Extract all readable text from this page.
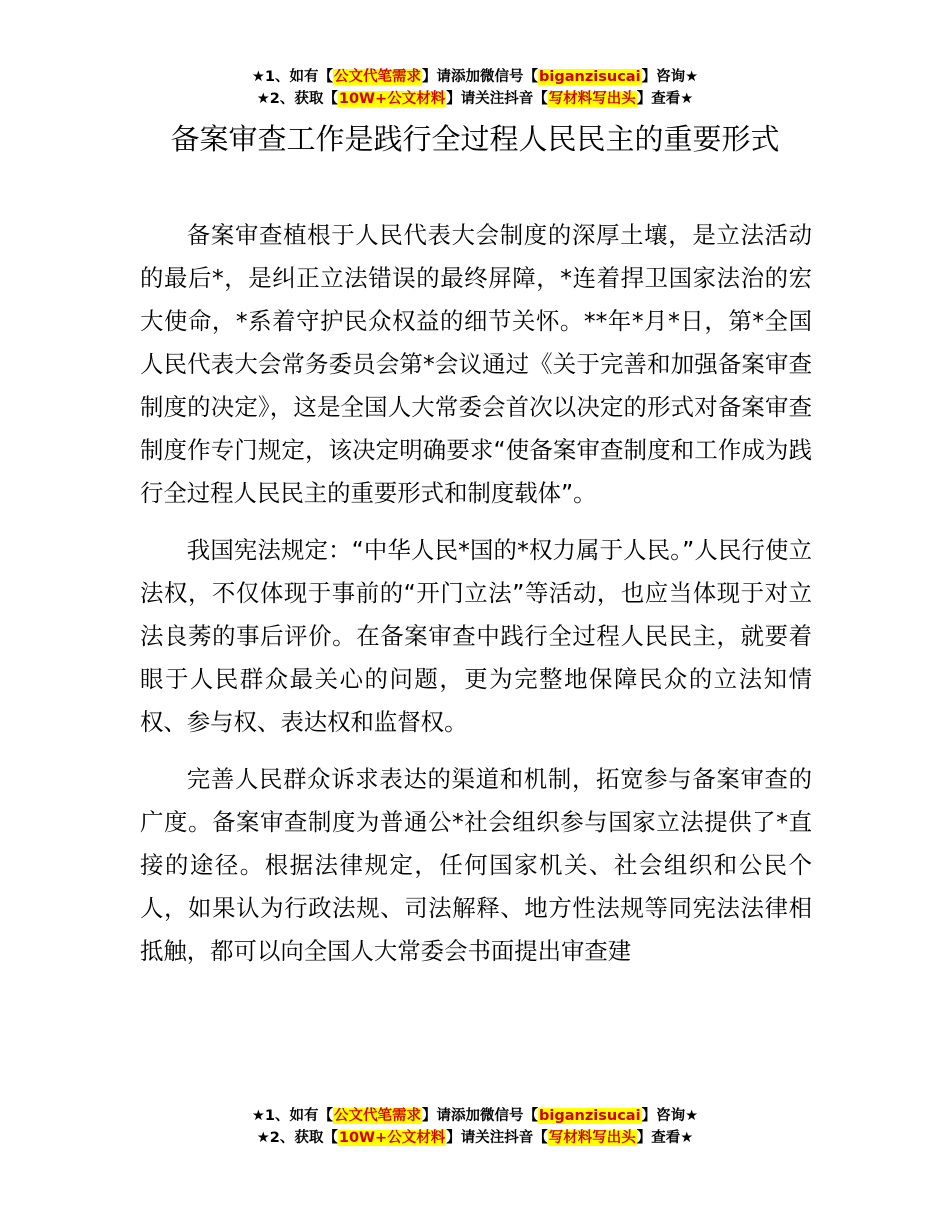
★1、如有【公文代笔需求】请添加微信号【biganzisucai】咨询★
★2、获取【10W+公文材料】请关注抖音【写材料写出头】查看★
备案审查工作是践行全过程人民民主的重要形式

备案审查植根于人民代表大会制度的深厚土壤，是立法活动的最后*，是纠正立法错误的最终屏障，*连着捍卫国家法治的宏大使命，*系着守护民众权益的细节关怀。**年*月*日，第*全国人民代表大会常务委员会第*会议通过《关于完善和加强备案审查制度的决定》，这是全国人大常委会首次以决定的形式对备案审查制度作专门规定，该决定明确要求“使备案审查制度和工作成为践行全过程人民民主的重要形式和制度载体”。

我国宪法规定：“中华人民*国的*权力属于人民。”人民行使立法权，不仅体现于事前的“开门立法”等活动，也应当体现于对立法良莠的事后评价。在备案审查中践行全过程人民民主，就要着眼于人民群众最关心的问题，更为完整地保障民众的立法知情权、参与权、表达权和监督权。

完善人民群众诉求表达的渠道和机制，拓宽参与备案审查的广度。备案审查制度为普通公*社会组织参与国家立法提供了*直接的途径。根据法律规定，任何国家机关、社会组织和公民个人，如果认为行政法规、司法解释、地方性法规等同宪法法律相抵触，都可以向全国人大常委会书面提出审查建

★1、如有【公文代笔需求】请添加微信号【biganzisucai】咨询★
★2、获取【10W+公文材料】请关注抖音【写材料写出头】查看★
